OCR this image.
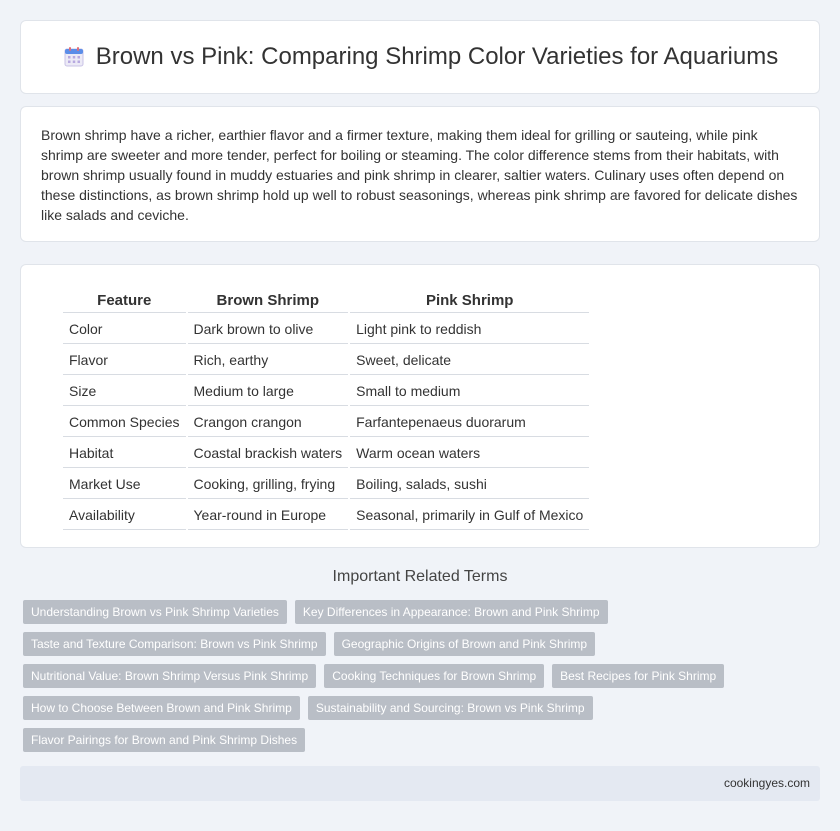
Brown vs Pink: Comparing Shrimp Color Varieties for Aquariums

Brown shrimp have a richer, earthier flavor and a firmer texture, making them ideal for grilling or sauteing, while pink shrimp are sweeter and more tender, perfect for boiling or steaming. The color difference stems from their habitats, with brown shrimp usually found in muddy estuaries and pink shrimp in clearer, saltier waters. Culinary uses often depend on these distinctions, as brown shrimp hold up well to robust seasonings, whereas pink shrimp are favored for delicate dishes like salads and ceviche.

Feature	Brown Shrimp	Pink Shrimp
Color	Dark brown to olive	Light pink to reddish
Flavor	Rich, earthy	Sweet, delicate
Size	Medium to large	Small to medium
Common Species	Crangon crangon	Farfantepenaeus duorarum
Habitat	Coastal brackish waters	Warm ocean waters
Market Use	Cooking, grilling, frying	Boiling, salads, sushi
Availability	Year-round in Europe	Seasonal, primarily in Gulf of Mexico
Important Related Terms
Understanding Brown vs Pink Shrimp Varieties	Key Differences in Appearance: Brown and Pink Shrimp
Taste and Texture Comparison: Brown vs Pink Shrimp	Geographic Origins of Brown and Pink Shrimp
Nutritional Value: Brown Shrimp Versus Pink Shrimp	Cooking Techniques for Brown Shrimp	Best Recipes for Pink Shrimp
How to Choose Between Brown and Pink Shrimp	Sustainability and Sourcing: Brown vs Pink Shrimp
Flavor Pairings for Brown and Pink Shrimp Dishes
cookingyes.com
